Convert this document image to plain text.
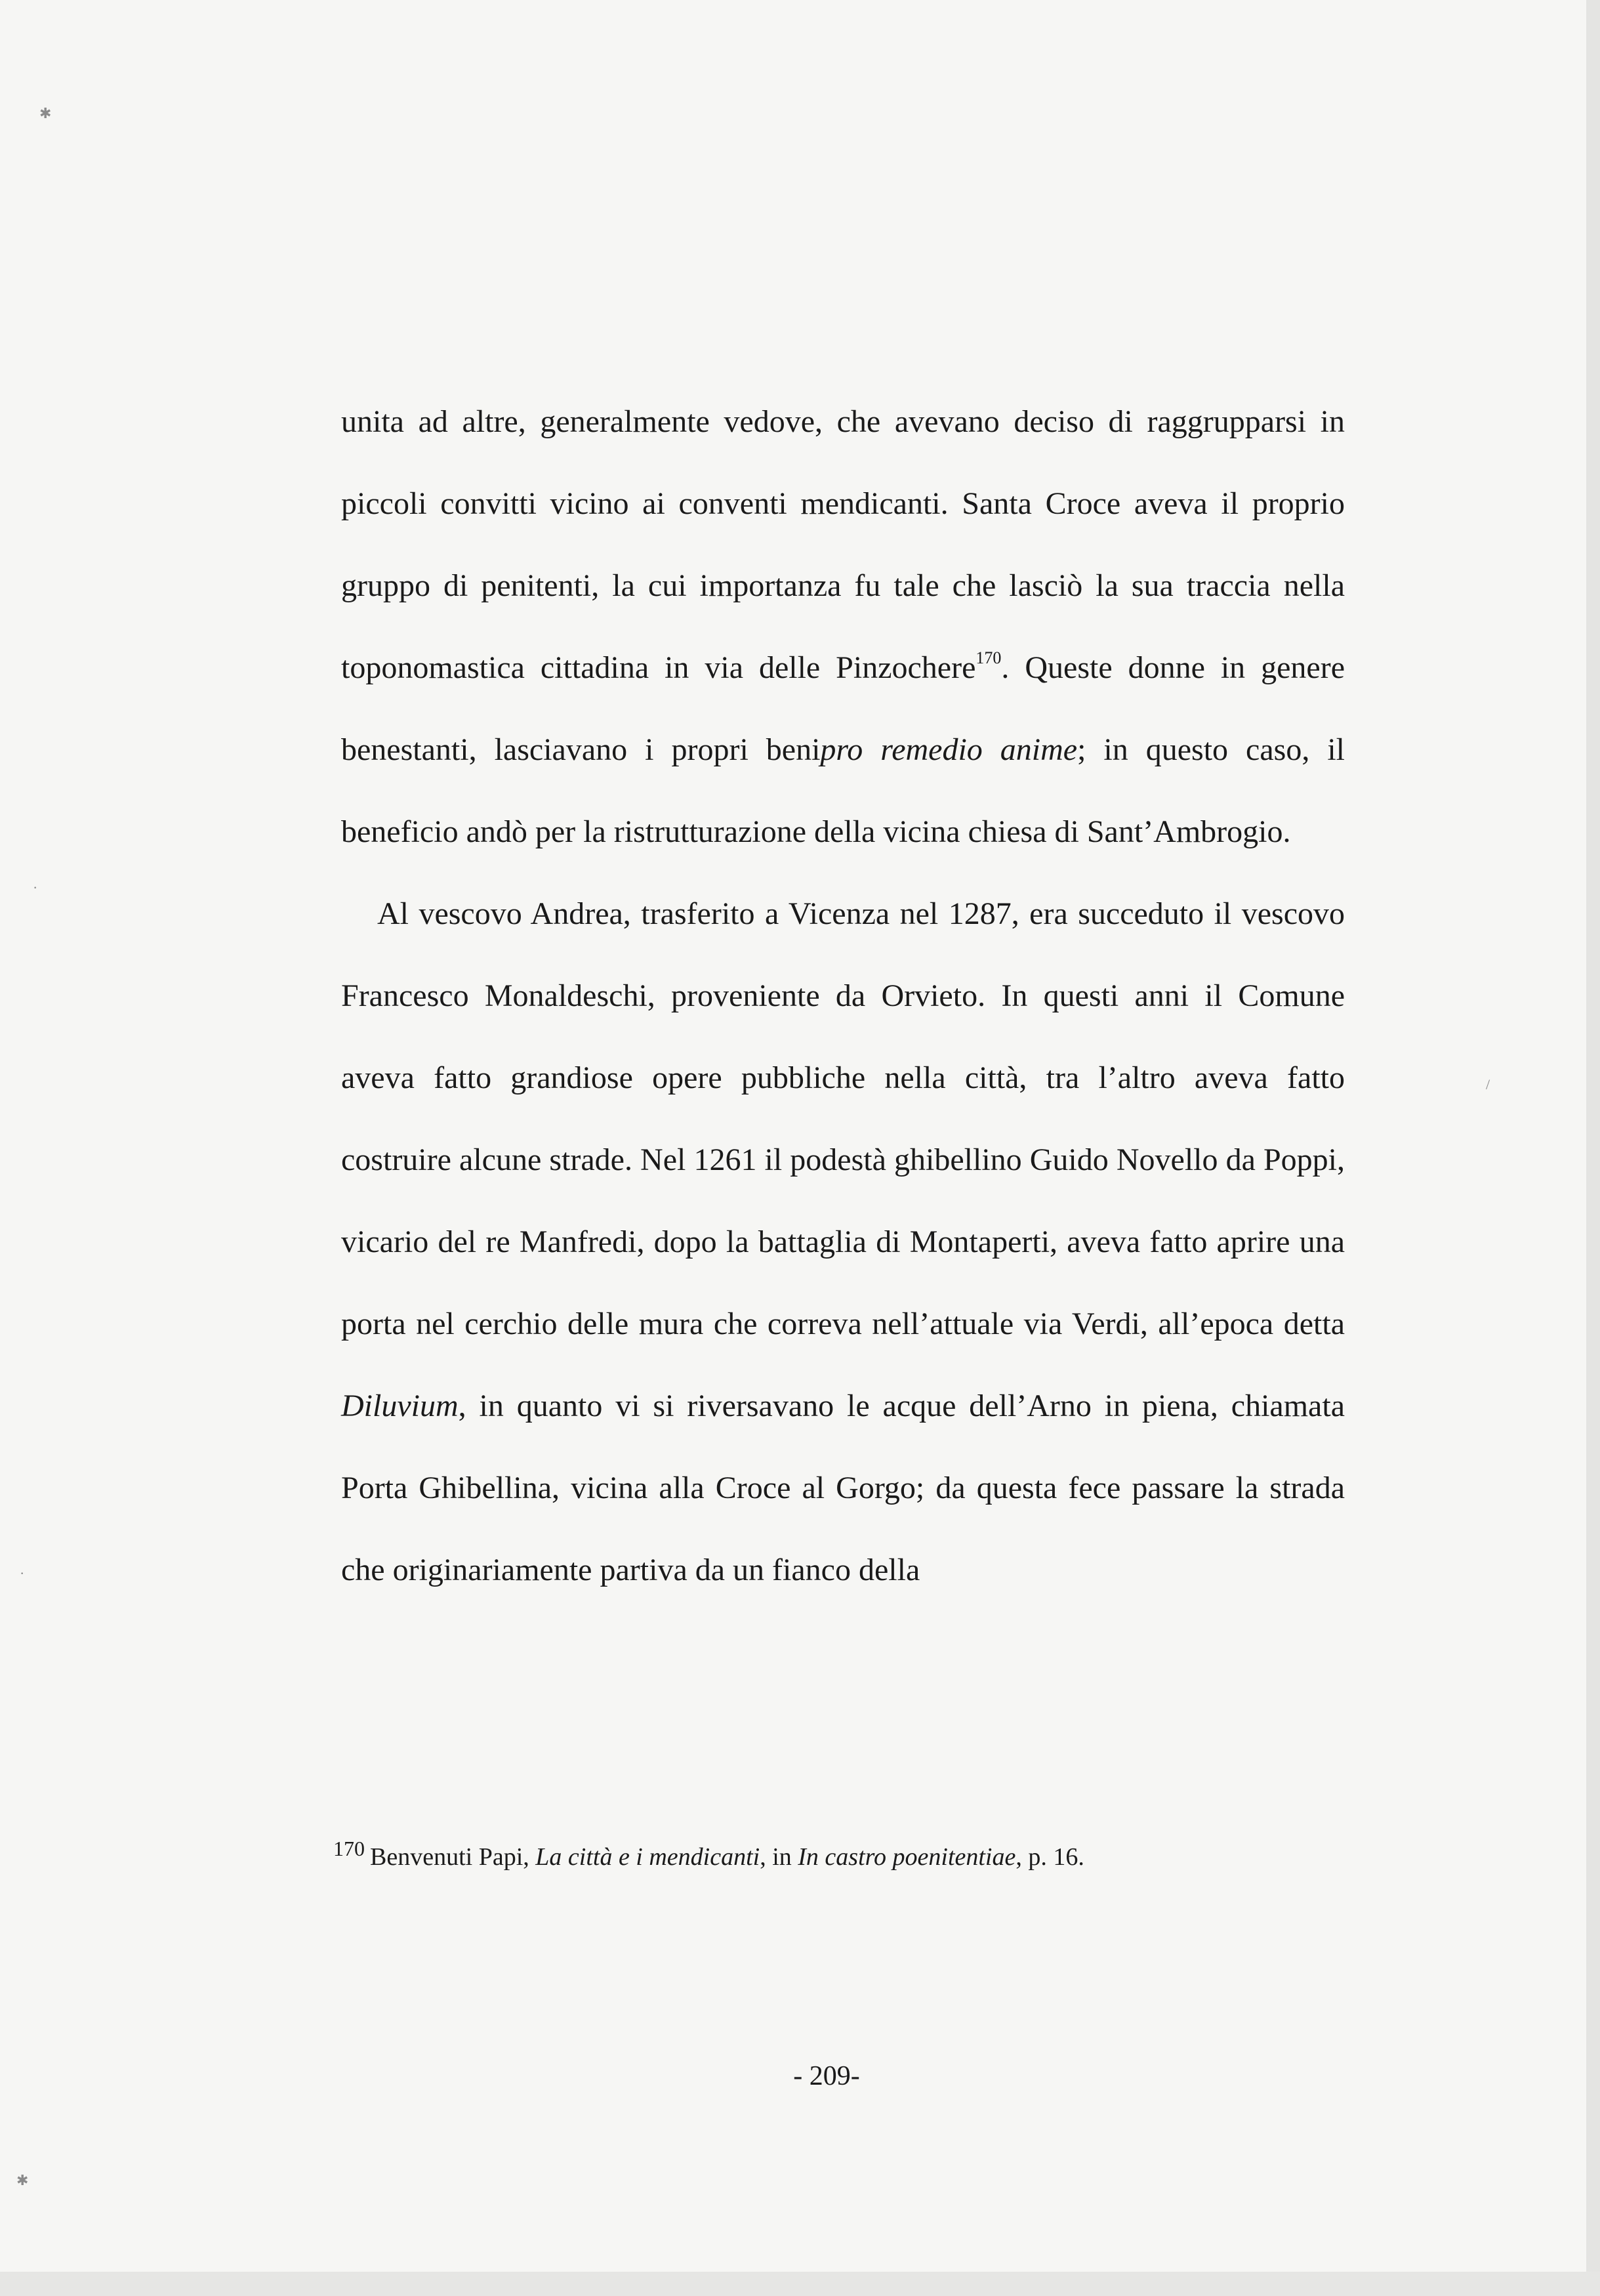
✱
·
/
·
✱

unita ad altre, generalmente vedove, che avevano deciso di raggrupparsi in piccoli convitti vicino ai conventi mendicanti. Santa Croce aveva il proprio gruppo di penitenti, la cui importanza fu tale che lasciò la sua traccia nella toponomastica cittadina in via delle Pinzochere$^{170}$. Queste donne in genere benestanti, lasciavano i propri benipro remedio anime; in questo caso, il beneficio andò per la ristrutturazione della vicina chiesa di Sant’Ambrogio.

Al vescovo Andrea, trasferito a Vicenza nel 1287, era succeduto il vescovo Francesco Monaldeschi, proveniente da Orvieto. In questi anni il Comune aveva fatto grandiose opere pubbliche nella città, tra l’altro aveva fatto costruire alcune strade. Nel 1261 il podestà ghibellino Guido Novello da Poppi, vicario del re Manfredi, dopo la battaglia di Montaperti, aveva fatto aprire una porta nel cerchio delle mura che correva nell’attuale via Verdi, all’epoca detta Diluvium, in quanto vi si riversavano le acque dell’Arno in piena, chiamata Porta Ghibellina, vicina alla Croce al Gorgo; da questa fece passare la strada che originariamente partiva da un fianco della

$^{170}$ Benvenuti Papi, La città e i mendicanti, in In castro poenitentiae, p. 16.
- 209-
